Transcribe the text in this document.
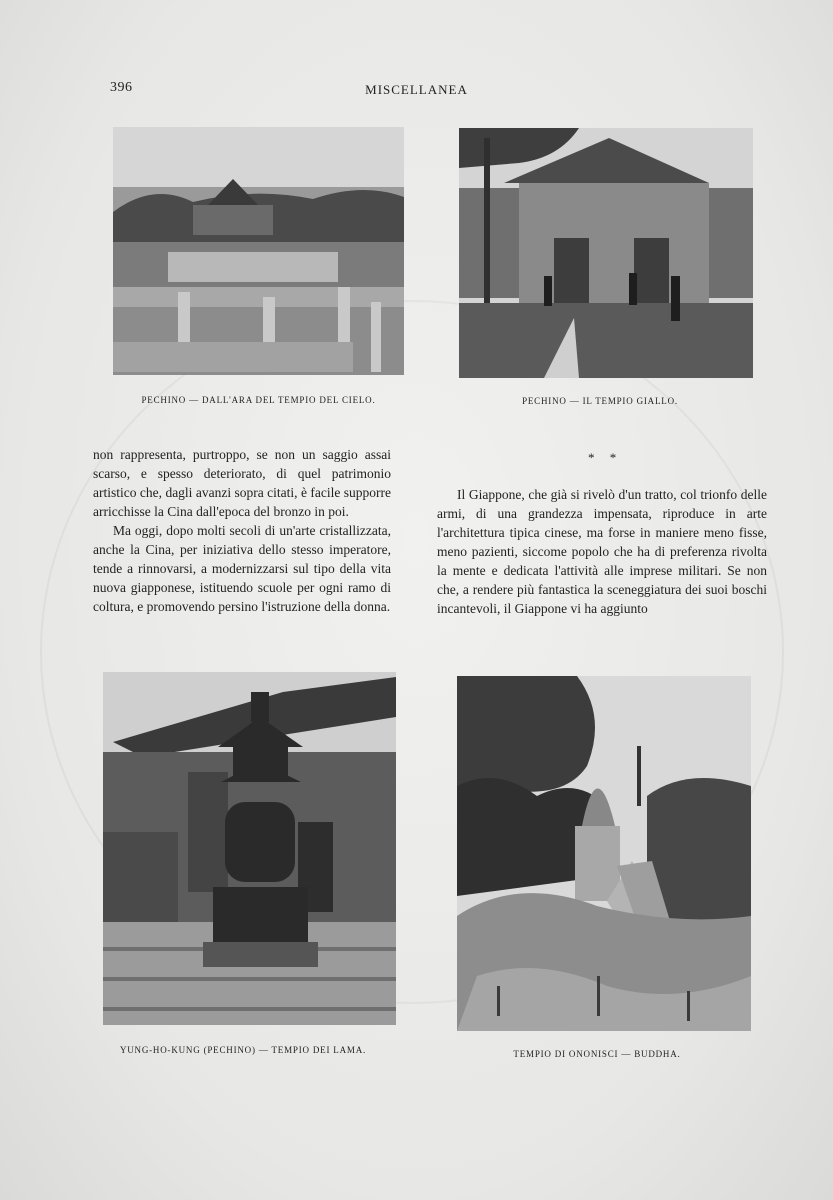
396	MISCELLANEA
PECHINO — DALL'ARA DEL TEMPIO DEL CIELO.	PECHINO — IL TEMPIO GIALLO.

non rappresenta, purtroppo, se non un saggio assai scarso, e spesso deteriorato, di quel patrimonio artistico che, dagli avanzi sopra citati, è facile supporre arricchisse la Cina dall'epoca del bronzo in poi.

Ma oggi, dopo molti secoli di un'arte cristallizzata, anche la Cina, per iniziativa dello stesso imperatore, tende a rinnovarsi, a modernizzarsi sul tipo della vita nuova giapponese, istituendo scuole per ogni ramo di coltura, e promovendo persino l'istruzione della donna.

* *

Il Giappone, che già si rivelò d'un tratto, col trionfo delle armi, di una grandezza impensata, riproduce in arte l'architettura tipica cinese, ma forse in maniere meno fisse, meno pazienti, siccome popolo che ha di preferenza rivolta la mente e dedicata l'attività alle imprese militari. Se non che, a rendere più fantastica la sceneggiatura dei suoi boschi incantevoli, il Giappone vi ha aggiunto

YUNG-HO-KUNG (PECHINO) — TEMPIO DEI LAMA.	TEMPIO DI ONONISCI — BUDDHA.
